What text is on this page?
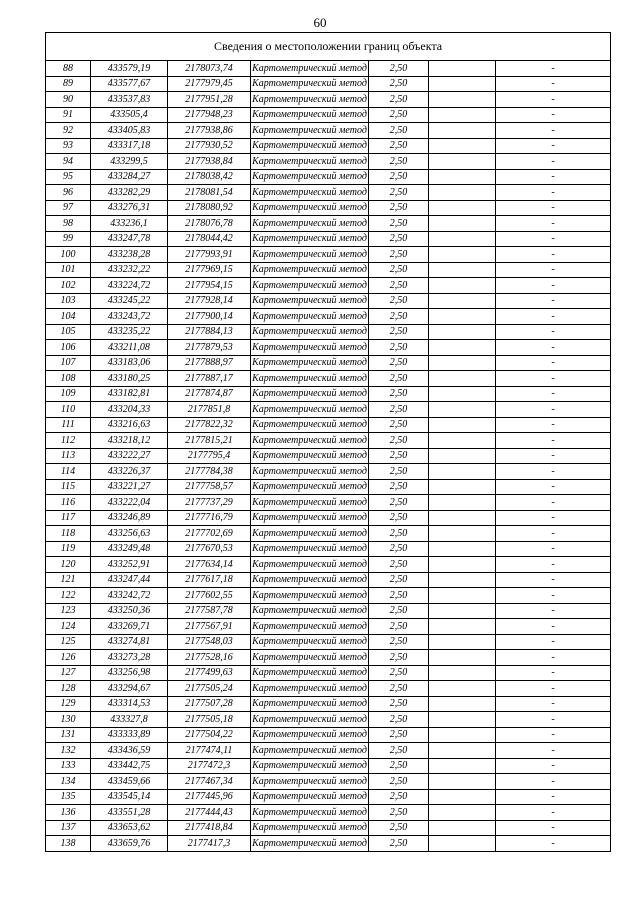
60
Сведения о местоположении границ объекта						
88	433579,19	2178073,74	Картометрический метод	2,50		-
89	433577,67	2177979,45	Картометрический метод	2,50		-
90	433537,83	2177951,28	Картометрический метод	2,50		-
91	433505,4	2177948,23	Картометрический метод	2,50		-
92	433405,83	2177938,86	Картометрический метод	2,50		-
93	433317,18	2177930,52	Картометрический метод	2,50		-
94	433299,5	2177938,84	Картометрический метод	2,50		-
95	433284,27	2178038,42	Картометрический метод	2,50		-
96	433282,29	2178081,54	Картометрический метод	2,50		-
97	433276,31	2178080,92	Картометрический метод	2,50		-
98	433236,1	2178076,78	Картометрический метод	2,50		-
99	433247,78	2178044,42	Картометрический метод	2,50		-
100	433238,28	2177993,91	Картометрический метод	2,50		-
101	433232,22	2177969,15	Картометрический метод	2,50		-
102	433224,72	2177954,15	Картометрический метод	2,50		-
103	433245,22	2177928,14	Картометрический метод	2,50		-
104	433243,72	2177900,14	Картометрический метод	2,50		-
105	433235,22	2177884,13	Картометрический метод	2,50		-
106	433211,08	2177879,53	Картометрический метод	2,50		-
107	433183,06	2177888,97	Картометрический метод	2,50		-
108	433180,25	2177887,17	Картометрический метод	2,50		-
109	433182,81	2177874,87	Картометрический метод	2,50		-
110	433204,33	2177851,8	Картометрический метод	2,50		-
111	433216,63	2177822,32	Картометрический метод	2,50		-
112	433218,12	2177815,21	Картометрический метод	2,50		-
113	433222,27	2177795,4	Картометрический метод	2,50		-
114	433226,37	2177784,38	Картометрический метод	2,50		-
115	433221,27	2177758,57	Картометрический метод	2,50		-
116	433222,04	2177737,29	Картометрический метод	2,50		-
117	433246,89	2177716,79	Картометрический метод	2,50		-
118	433256,63	2177702,69	Картометрический метод	2,50		-
119	433249,48	2177670,53	Картометрический метод	2,50		-
120	433252,91	2177634,14	Картометрический метод	2,50		-
121	433247,44	2177617,18	Картометрический метод	2,50		-
122	433242,72	2177602,55	Картометрический метод	2,50		-
123	433250,36	2177587,78	Картометрический метод	2,50		-
124	433269,71	2177567,91	Картометрический метод	2,50		-
125	433274,81	2177548,03	Картометрический метод	2,50		-
126	433273,28	2177528,16	Картометрический метод	2,50		-
127	433256,98	2177499,63	Картометрический метод	2,50		-
128	433294,67	2177505,24	Картометрический метод	2,50		-
129	433314,53	2177507,28	Картометрический метод	2,50		-
130	433327,8	2177505,18	Картометрический метод	2,50		-
131	433333,89	2177504,22	Картометрический метод	2,50		-
132	433436,59	2177474,11	Картометрический метод	2,50		-
133	433442,75	2177472,3	Картометрический метод	2,50		-
134	433459,66	2177467,34	Картометрический метод	2,50		-
135	433545,14	2177445,96	Картометрический метод	2,50		-
136	433551,28	2177444,43	Картометрический метод	2,50		-
137	433653,62	2177418,84	Картометрический метод	2,50		-
138	433659,76	2177417,3	Картометрический метод	2,50		-
